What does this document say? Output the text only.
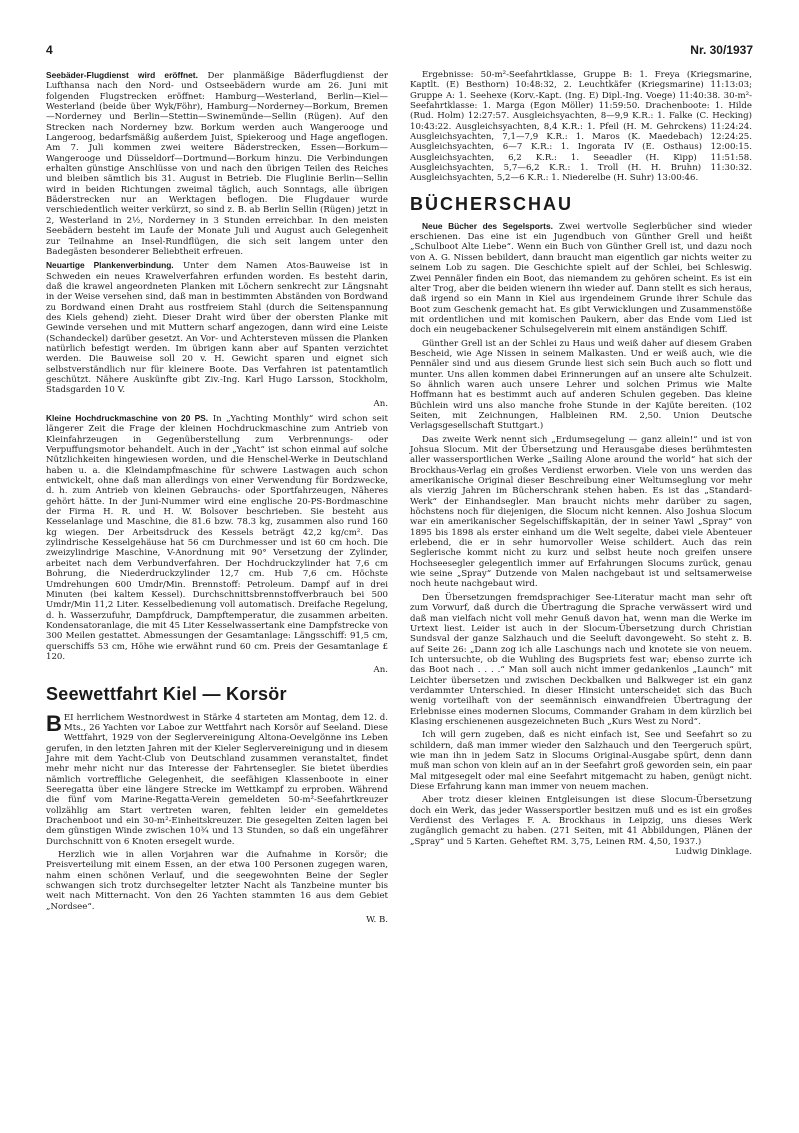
4	Nr. 30/1937

Seebäder-Flugdienst wird eröffnet. Der planmäßige Bäderflugdienst der Lufthansa nach den Nord- und Ostseebädern wurde am 26. Juni mit folgenden Flugstrecken eröffnet: Hamburg—Westerland, Berlin—Kiel—Westerland (beide über Wyk/Föhr), Hamburg—Norderney—Borkum, Bremen—Norderney und Berlin—Stettin—Swinemünde—Sellin (Rügen). Auf den Strecken nach Norderney bzw. Borkum werden auch Wangerooge und Langeroog, bedarfsmäßig außerdem Juist, Spiekeroog und Hage angeflogen. Am 7. Juli kommen zwei weitere Bäderstrecken, Essen—Borkum—Wangerooge und Düsseldorf—Dortmund—Borkum hinzu. Die Verbindungen erhalten günstige Anschlüsse von und nach den übrigen Teilen des Reiches und bleiben sämtlich bis 31. August in Betrieb. Die Fluglinie Berlin—Sellin wird in beiden Richtungen zweimal täglich, auch Sonntags, alle übrigen Bäderstrecken nur an Werktagen beflogen. Die Flugdauer wurde verschiedentlich weiter verkürzt, so sind z. B. ab Berlin Sellin (Rügen) jetzt in 2, Westerland in 2½, Norderney in 3 Stunden erreichbar. In den meisten Seebädern besteht im Laufe der Monate Juli und August auch Gelegenheit zur Teilnahme an Insel-Rundflügen, die sich seit langem unter den Badegästen besonderer Beliebtheit erfreuen.

Neuartige Plankenverbindung. Unter dem Namen Atos-Bauweise ist in Schweden ein neues Krawelverfahren erfunden worden. Es besteht darin, daß die krawel angeordneten Planken mit Löchern senkrecht zur Längsnaht in der Weise versehen sind, daß man in bestimmten Abständen von Bordwand zu Bordwand einen Draht aus rostfreiem Stahl (durch die Seitenspannung des Kiels gehend) zieht. Dieser Draht wird über der obersten Planke mit Gewinde versehen und mit Muttern scharf angezogen, dann wird eine Leiste (Schandeckel) darüber gesetzt. An Vor- und Achtersteven müssen die Planken natürlich befestigt werden. Im übrigen kann aber auf Spanten verzichtet werden. Die Bauweise soll 20 v. H. Gewicht sparen und eignet sich selbstverständlich nur für kleinere Boote. Das Verfahren ist patentamtlich geschützt. Nähere Auskünfte gibt Ziv.-Ing. Karl Hugo Larsson, Stockholm, Stadsgarden 10 V.

An.

Kleine Hochdruckmaschine von 20 PS. In „Yachting Monthly“ wird schon seit längerer Zeit die Frage der kleinen Hochdruckmaschine zum Antrieb von Kleinfahrzeugen in Gegenüberstellung zum Verbrennungs- oder Verpuffungsmotor behandelt. Auch in der „Yacht“ ist schon einmal auf solche Nützlichkeiten hingewiesen worden, und die Henschel-Werke in Deutschland haben u. a. die Kleindampfmaschine für schwere Lastwagen auch schon entwickelt, ohne daß man allerdings von einer Verwendung für Bordzwecke, d. h. zum Antrieb von kleinen Gebrauchs- oder Sportfahrzeugen, Näheres gehört hätte. In der Juni-Nummer wird eine englische 20-PS-Bordmaschine der Firma H. R. und H. W. Bolsover beschrieben. Sie besteht aus Kesselanlage und Maschine, die 81.6 bzw. 78.3 kg, zusammen also rund 160 kg wiegen. Der Arbeitsdruck des Kessels beträgt 42,2 kg/cm². Das zylindrische Kesselgehäuse hat 56 cm Durchmesser und ist 60 cm hoch. Die zweizylindrige Maschine, V-Anordnung mit 90° Versetzung der Zylinder, arbeitet nach dem Verbundverfahren. Der Hochdruckzylinder hat 7,6 cm Bohrung, die Niederdruckzylinder 12,7 cm. Hub 7,6 cm. Höchste Umdrehungen 600 Umdr/Min. Brennstoff: Petroleum. Dampf auf in drei Minuten (bei kaltem Kessel). Durchschnittsbrennstoffverbrauch bei 500 Umdr/Min 11,2 Liter. Kesselbedienung voll automatisch. Dreifache Regelung, d. h. Wasserzufuhr, Dampfdruck, Dampftemperatur, die zusammen arbeiten. Kondensatoranlage, die mit 45 Liter Kesselwassertank eine Dampfstrecke von 300 Meilen gestattet. Abmessungen der Gesamtanlage: Längsschiff: 91,5 cm, querschiffs 53 cm, Höhe wie erwähnt rund 60 cm. Preis der Gesamtanlage £ 120.

An.
Seewettfahrt Kiel — Korsör

B EI herrlichem Westnordwest in Stärke 4 starteten am Montag, dem 12. d. Mts., 26 Yachten vor Laboe zur Wettfahrt nach Korsör auf Seeland. Diese Wettfahrt, 1929 von der Seglervereinigung Altona-Oevelgönne ins Leben gerufen, in den letzten Jahren mit der Kieler Seglervereinigung und in diesem Jahre mit dem Yacht-Club von Deutschland zusammen veranstaltet, findet mehr mehr nicht nur das Interesse der Fahrtensegler. Sie bietet überdies nämlich vortreffliche Gelegenheit, die seefähigen Klassenboote in einer Seeregatta über eine längere Strecke im Wettkampf zu erproben. Während die fünf vom Marine-Regatta-Verein gemeldeten 50-m²-Seefahrtkreuzer vollzählig am Start vertreten waren, fehlten leider ein gemeldetes Drachenboot und ein 30-m²-Einheitskreuzer. Die gesegelten Zeiten lagen bei dem günstigen Winde zwischen 10¾ und 13 Stunden, so daß ein ungefährer Durchschnitt von 6 Knoten ersegelt wurde.

Herzlich wie in allen Vorjahren war die Aufnahme in Korsör; die Preisverteilung mit einem Essen, an der etwa 100 Personen zugegen waren, nahm einen schönen Verlauf, und die seegewohnten Beine der Segler schwangen sich trotz durchsegelter letzter Nacht als Tanzbeine munter bis weit nach Mitternacht. Von den 26 Yachten stammten 16 aus dem Gebiet „Nordsee“.

W. B.

Ergebnisse: 50-m²-Seefahrtklasse, Gruppe B: 1. Freya (Kriegsmarine, Kaptlt. (E) Besthorn) 10:48:32, 2. Leuchtkäfer (Kriegsmarine) 11:13:03; Gruppe A: 1. Seehexe (Korv.-Kapt. (Ing. E) Dipl.-Ing. Voege) 11:40:38. 30-m²-Seefahrtklasse: 1. Marga (Egon Möller) 11:59:50. Drachenboote: 1. Hilde (Rud. Holm) 12:27:57. Ausgleichsyachten, 8—9,9 K.R.: 1. Falke (C. Hecking) 10:43:22. Ausgleichsyachten, 8,4 K.R.: 1. Pfeil (H. M. Gehrckens) 11:24:24. Ausgleichsyachten, 7,1—7,9 K.R.: 1. Maros (K. Maedebach) 12:24:25. Ausgleichsyachten, 6—7 K.R.: 1. Ingorata IV (E. Osthaus) 12:00:15. Ausgleichsyachten, 6,2 K.R.: 1. Seeadler (H. Kipp) 11:51:58. Ausgleichsyachten, 5,7—6,2 K.R.: 1. Troll (H. H. Bruhn) 11:30:32. Ausgleichsyachten, 5,2—6 K.R.: 1. Niederelbe (H. Suhr) 13:00:46.

BÜCHERSCHAU

Neue Bücher des Segelsports. Zwei wertvolle Seglerbücher sind wieder erschienen. Das eine ist ein Jugendbuch von Günther Grell und heißt „Schulboot Alte Liebe“. Wenn ein Buch von Günther Grell ist, und dazu noch von A. G. Nissen bebildert, dann braucht man eigentlich gar nichts weiter zu seinem Lob zu sagen. Die Geschichte spielt auf der Schlei, bei Schleswig. Zwei Pennäler finden ein Boot, das niemandem zu gehören scheint. Es ist ein alter Trog, aber die beiden wienern ihn wieder auf. Dann stellt es sich heraus, daß irgend so ein Mann in Kiel aus irgendeinem Grunde ihrer Schule das Boot zum Geschenk gemacht hat. Es gibt Verwicklungen und Zusammenstöße mit ordentlichen und mit komischen Paukern, aber das Ende vom Lied ist doch ein neugebackener Schulsegelverein mit einem anständigen Schiff.

Günther Grell ist an der Schlei zu Haus und weiß daher auf diesem Graben Bescheid, wie Age Nissen in seinem Malkasten. Und er weiß auch, wie die Pennäler sind und aus diesem Grunde liest sich sein Buch auch so flott und munter. Uns allen kommen dabei Erinnerungen auf an unsere alte Schulzeit. So ähnlich waren auch unsere Lehrer und solchen Primus wie Malte Hoffmann hat es bestimmt auch auf anderen Schulen gegeben. Das kleine Büchlein wird uns also manche frohe Stunde in der Kajüte bereiten. (102 Seiten, mit Zeichnungen, Halbleinen RM. 2,50. Union Deutsche Verlagsgesellschaft Stuttgart.)

Das zweite Werk nennt sich „Erdumsegelung — ganz allein!“ und ist von Johsua Slocum. Mit der Übersetzung und Herausgabe dieses berühmtesten aller wassersportlichen Werke „Sailing Alone around the world“ hat sich der Brockhaus-Verlag ein großes Verdienst erworben. Viele von uns werden das amerikanische Original dieser Beschreibung einer Weltumseglung vor mehr als vierzig Jahren im Bücherschrank stehen haben. Es ist das „Standard-Werk“ der Einhandsegler. Man braucht nichts mehr darüber zu sagen, höchstens noch für diejenigen, die Slocum nicht kennen. Also Joshua Slocum war ein amerikanischer Segelschiffskapitän, der in seiner Yawl „Spray“ von 1895 bis 1898 als erster einhand um die Welt segelte, dabei viele Abenteuer erlebend, die er in sehr humorvoller Weise schildert. Auch das rein Seglerische kommt nicht zu kurz und selbst heute noch greifen unsere Hochseesegler gelegentlich immer auf Erfahrungen Slocums zurück, genau wie seine „Spray“ Dutzende von Malen nachgebaut ist und seltsamerweise noch heute nachgebaut wird.

Den Übersetzungen fremdsprachiger See-Literatur macht man sehr oft zum Vorwurf, daß durch die Übertragung die Sprache verwässert wird und daß man vielfach nicht voll mehr Genuß davon hat, wenn man die Werke im Urtext liest. Leider ist auch in der Slocum-Übersetzung durch Christian Sundsval der ganze Salzhauch und die Seeluft davongeweht. So steht z. B. auf Seite 26: „Dann zog ich alle Laschungs nach und knotete sie von neuem. Ich untersuchte, ob die Wuhling des Bugspriets fest war; ebenso zurrte ich das Boot nach . . . .“ Man soll auch nicht immer gedankenlos „Launch“ mit Leichter übersetzen und zwischen Deckbalken und Balkweger ist ein ganz verdammter Unterschied. In dieser Hinsicht unterscheidet sich das Buch wenig vorteilhaft von der seemännisch einwandfreien Übertragung der Erlebnisse eines modernen Slocums, Commander Graham in dem kürzlich bei Klasing erschienenen ausgezeichneten Buch „Kurs West zu Nord“.

Ich will gern zugeben, daß es nicht einfach ist, See und Seefahrt so zu schildern, daß man immer wieder den Salzhauch und den Teergeruch spürt, wie man ihn in jedem Satz in Slocums Original-Ausgabe spürt, denn dann muß man schon von klein auf an in der Seefahrt groß geworden sein, ein paar Mal mitgesegelt oder mal eine Seefahrt mitgemacht zu haben, genügt nicht. Diese Erfahrung kann man immer von neuem machen.

Aber trotz dieser kleinen Entgleisungen ist diese Slocum-Übersetzung doch ein Werk, das jeder Wassersportler besitzen muß und es ist ein großes Verdienst des Verlages F. A. Brockhaus in Leipzig, uns dieses Werk zugänglich gemacht zu haben. (271 Seiten, mit 41 Abbildungen, Plänen der „Spray“ und 5 Karten. Geheftet RM. 3,75, Leinen RM. 4,50, 1937.)
Ludwig Dinklage.
